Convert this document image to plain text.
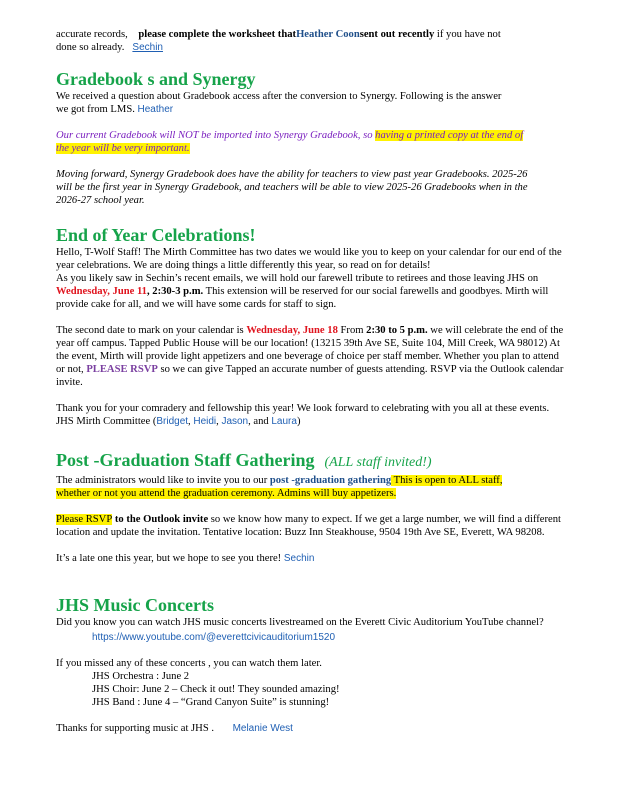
accurate records, please complete the worksheet thatHeather Coonsent out recently if you have not
done so already. Sechin

Gradebook s and Synergy

We received a question about Gradebook access after the conversion to Synergy. Following is the answer
we got from LMS. Heather

Our current Gradebook will NOT be imported into Synergy Gradebook, so having a printed copy at the end of the year will be very important.

Moving forward, Synergy Gradebook does have the ability for teachers to view past year Gradebooks. 2025-26 will be the first year in Synergy Gradebook, and teachers will be able to view 2025-26 Gradebooks when in the 2026-27 school year.

End of Year Celebrations!

Hello, T-Wolf Staff! The Mirth Committee has two dates we would like you to keep on your calendar for our end of the year celebrations. We are doing things a little differently this year, so read on for details!
As you likely saw in Sechin’s recent emails, we will hold our farewell tribute to retirees and those leaving JHS on Wednesday, June 11, 2:30-3 p.m. This extension will be reserved for our social farewells and goodbyes. Mirth will provide cake for all, and we will have some cards for staff to sign.

The second date to mark on your calendar is Wednesday, June 18 From 2:30 to 5 p.m. we will celebrate the end of the year off campus. Tapped Public House will be our location! (13215 39th Ave SE, Suite 104, Mill Creek, WA 98012) At the event, Mirth will provide light appetizers and one beverage of choice per staff member. Whether you plan to attend or not, PLEASE RSVP so we can give Tapped an accurate number of guests attending. RSVP via the Outlook calendar invite.

Thank you for your comradery and fellowship this year! We look forward to celebrating with you all at these events. JHS Mirth Committee (Bridget, Heidi, Jason, and Laura)

Post -Graduation Staff Gathering (ALL staff invited!)

The administrators would like to invite you to our post -graduation gathering This is open to ALL staff,
whether or not you attend the graduation ceremony. Admins will buy appetizers.

Please RSVP to the Outlook invite so we know how many to expect. If we get a large number, we will find a different location and update the invitation. Tentative location: Buzz Inn Steakhouse, 9504 19th Ave SE, Everett, WA 98208.

It’s a late one this year, but we hope to see you there! Sechin

JHS Music Concerts

Did you know you can watch JHS music concerts livestreamed on the Everett Civic Auditorium YouTube channel?

https://www.youtube.com/@everettcivicauditorium1520

If you missed any of these concerts , you can watch them later.

JHS Orchestra : June 2

JHS Choir: June 2 – Check it out! They sounded amazing!

JHS Band : June 4 – “Grand Canyon Suite” is stunning!

Thanks for supporting music at JHS . Melanie West
